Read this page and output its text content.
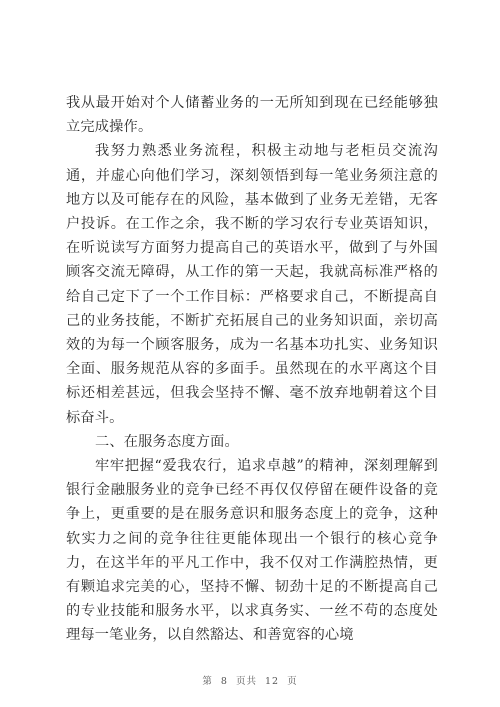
我从最开始对个人储蓄业务的一无所知到现在已经能够独立完成操作。

我努力熟悉业务流程，积极主动地与老柜员交流沟通，并虚心向他们学习，深刻领悟到每一笔业务须注意的地方以及可能存在的风险，基本做到了业务无差错，无客户投诉。在工作之余，我不断的学习农行专业英语知识，在听说读写方面努力提高自己的英语水平，做到了与外国顾客交流无障碍，从工作的第一天起，我就高标准严格的给自己定下了一个工作目标：严格要求自己，不断提高自己的业务技能，不断扩充拓展自己的业务知识面，亲切高效的为每一个顾客服务，成为一名基本功扎实、业务知识全面、服务规范从容的多面手。虽然现在的水平离这个目标还相差甚远，但我会坚持不懈、毫不放弃地朝着这个目标奋斗。

二、在服务态度方面。

牢牢把握“爱我农行，追求卓越”的精神，深刻理解到银行金融服务业的竞争已经不再仅仅停留在硬件设备的竞争上，更重要的是在服务意识和服务态度上的竞争，这种软实力之间的竞争往往更能体现出一个银行的核心竞争力，在这半年的平凡工作中，我不仅对工作满腔热情，更有颗追求完美的心，坚持不懈、韧劲十足的不断提高自己的专业技能和服务水平，以求真务实、一丝不苟的态度处理每一笔业务，以自然豁达、和善宽容的心境

第 8 页共 12 页
